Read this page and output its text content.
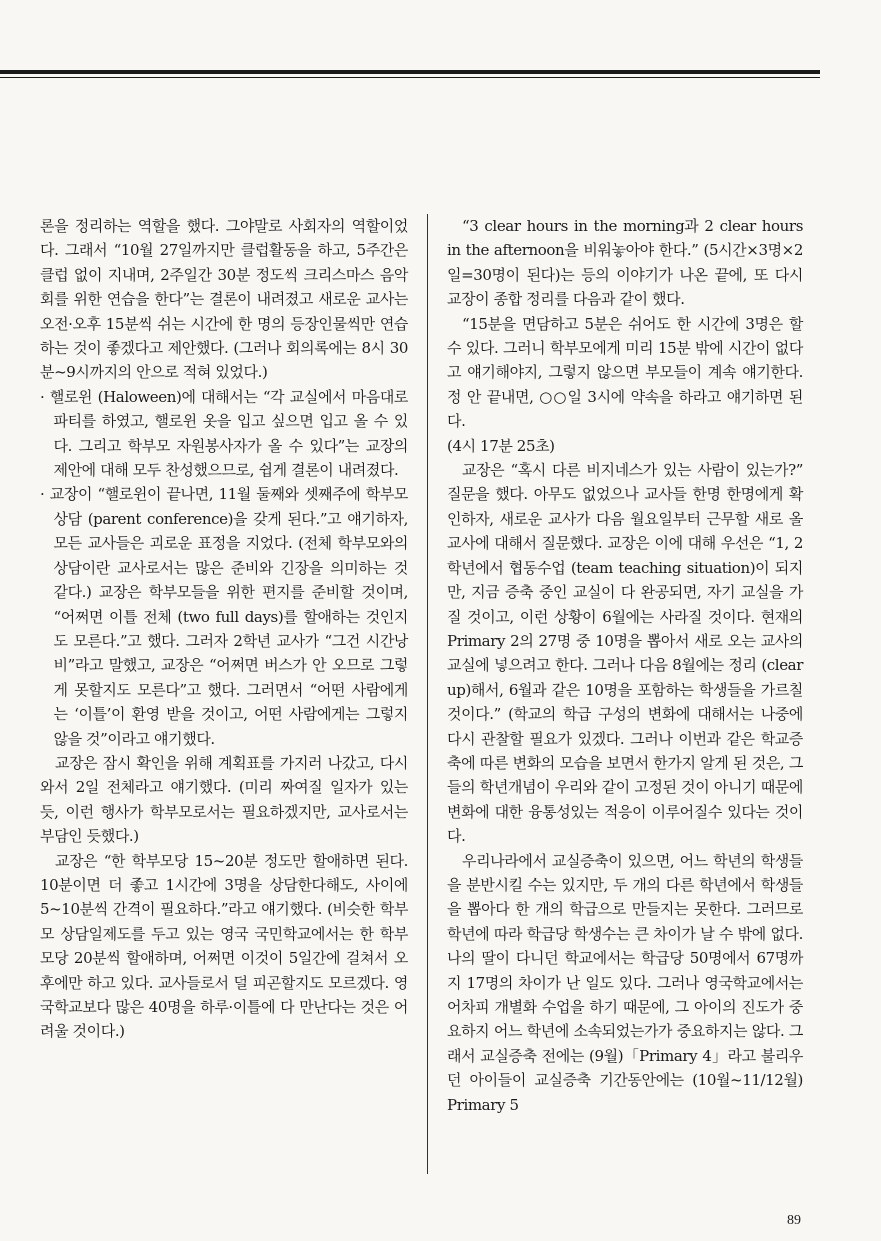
론을 정리하는 역할을 했다. 그야말로 사회자의 역할이었다. 그래서 “10월 27일까지만 클럽활동을 하고, 5주간은 클럽 없이 지내며, 2주일간 30분 정도씩 크리스마스 음악회를 위한 연습을 한다”는 결론이 내려졌고 새로운 교사는 오전·오후 15분씩 쉬는 시간에 한 명의 등장인물씩만 연습하는 것이 좋겠다고 제안했다. (그러나 회의록에는 8시 30분~9시까지의 안으로 적혀 있었다.)

· 핼로윈 (Haloween)에 대해서는 “각 교실에서 마음대로 파티를 하였고, 핼로윈 옷을 입고 싶으면 입고 올 수 있다. 그리고 학부모 자원봉사자가 올 수 있다”는 교장의 제안에 대해 모두 찬성했으므로, 쉽게 결론이 내려졌다.

· 교장이 “핼로윈이 끝나면, 11월 둘째와 셋째주에 학부모 상담 (parent conference)을 갖게 된다.”고 얘기하자, 모든 교사들은 괴로운 표정을 지었다. (전체 학부모와의 상담이란 교사로서는 많은 준비와 긴장을 의미하는 것 같다.) 교장은 학부모들을 위한 편지를 준비할 것이며, “어쩌면 이틀 전체 (two full days)를 할애하는 것인지도 모른다.”고 했다. 그러자 2학년 교사가 “그건 시간낭비”라고 말했고, 교장은 “어쩌면 버스가 안 오므로 그렇게 못할지도 모른다”고 했다. 그러면서 “어떤 사람에게는 ‘이틀’이 환영 받을 것이고, 어떤 사람에게는 그렇지 않을 것”이라고 얘기했다.

교장은 잠시 확인을 위해 계획표를 가지러 나갔고, 다시 와서 2일 전체라고 얘기했다. (미리 짜여질 일자가 있는 듯, 이런 행사가 학부모로서는 필요하겠지만, 교사로서는 부담인 듯했다.)

교장은 “한 학부모당 15~20분 정도만 할애하면 된다. 10분이면 더 좋고 1시간에 3명을 상담한다해도, 사이에 5~10분씩 간격이 필요하다.”라고 얘기했다. (비슷한 학부모 상담일제도를 두고 있는 영국 국민학교에서는 한 학부모당 20분씩 할애하며, 어쩌면 이것이 5일간에 걸쳐서 오후에만 하고 있다. 교사들로서 덜 피곤할지도 모르겠다. 영국학교보다 많은 40명을 하루·이틀에 다 만난다는 것은 어려울 것이다.)

“3 clear hours in the morning과 2 clear hours in the afternoon을 비워놓아야 한다.” (5시간×3명×2일=30명이 된다)는 등의 이야기가 나온 끝에, 또 다시 교장이 종합 정리를 다음과 같이 했다.

“15분을 면담하고 5분은 쉬어도 한 시간에 3명은 할 수 있다. 그러니 학부모에게 미리 15분 밖에 시간이 없다고 얘기해야지, 그렇지 않으면 부모들이 계속 얘기한다. 정 안 끝내면, ○○일 3시에 약속을 하라고 얘기하면 된다.

(4시 17분 25초)

교장은 “혹시 다른 비지네스가 있는 사람이 있는가?” 질문을 했다. 아무도 없었으나 교사들 한명 한명에게 확인하자, 새로운 교사가 다음 월요일부터 근무할 새로 올 교사에 대해서 질문했다. 교장은 이에 대해 우선은 “1, 2학년에서 협동수업 (team teaching situation)이 되지만, 지금 증축 중인 교실이 다 완공되면, 자기 교실을 가질 것이고, 이런 상황이 6월에는 사라질 것이다. 현재의 Primary 2의 27명 중 10명을 뽑아서 새로 오는 교사의 교실에 넣으려고 한다. 그러나 다음 8월에는 정리 (clear up)해서, 6월과 같은 10명을 포함하는 학생들을 가르칠 것이다.” (학교의 학급 구성의 변화에 대해서는 나중에 다시 관찰할 필요가 있겠다. 그러나 이번과 같은 학교증축에 따른 변화의 모습을 보면서 한가지 알게 된 것은, 그들의 학년개념이 우리와 같이 고정된 것이 아니기 때문에 변화에 대한 융통성있는 적응이 이루어질수 있다는 것이다.

우리나라에서 교실증축이 있으면, 어느 학년의 학생들을 분반시킬 수는 있지만, 두 개의 다른 학년에서 학생들을 뽑아다 한 개의 학급으로 만들지는 못한다. 그러므로 학년에 따라 학급당 학생수는 큰 차이가 날 수 밖에 없다. 나의 딸이 다니던 학교에서는 학급당 50명에서 67명까지 17명의 차이가 난 일도 있다. 그러나 영국학교에서는 어차피 개별화 수업을 하기 때문에, 그 아이의 진도가 중요하지 어느 학년에 소속되었는가가 중요하지는 않다. 그래서 교실증축 전에는 (9월)「Primary 4」라고 불리우던 아이들이 교실증축 기간동안에는 (10월~11/12월) Primary 5

89
